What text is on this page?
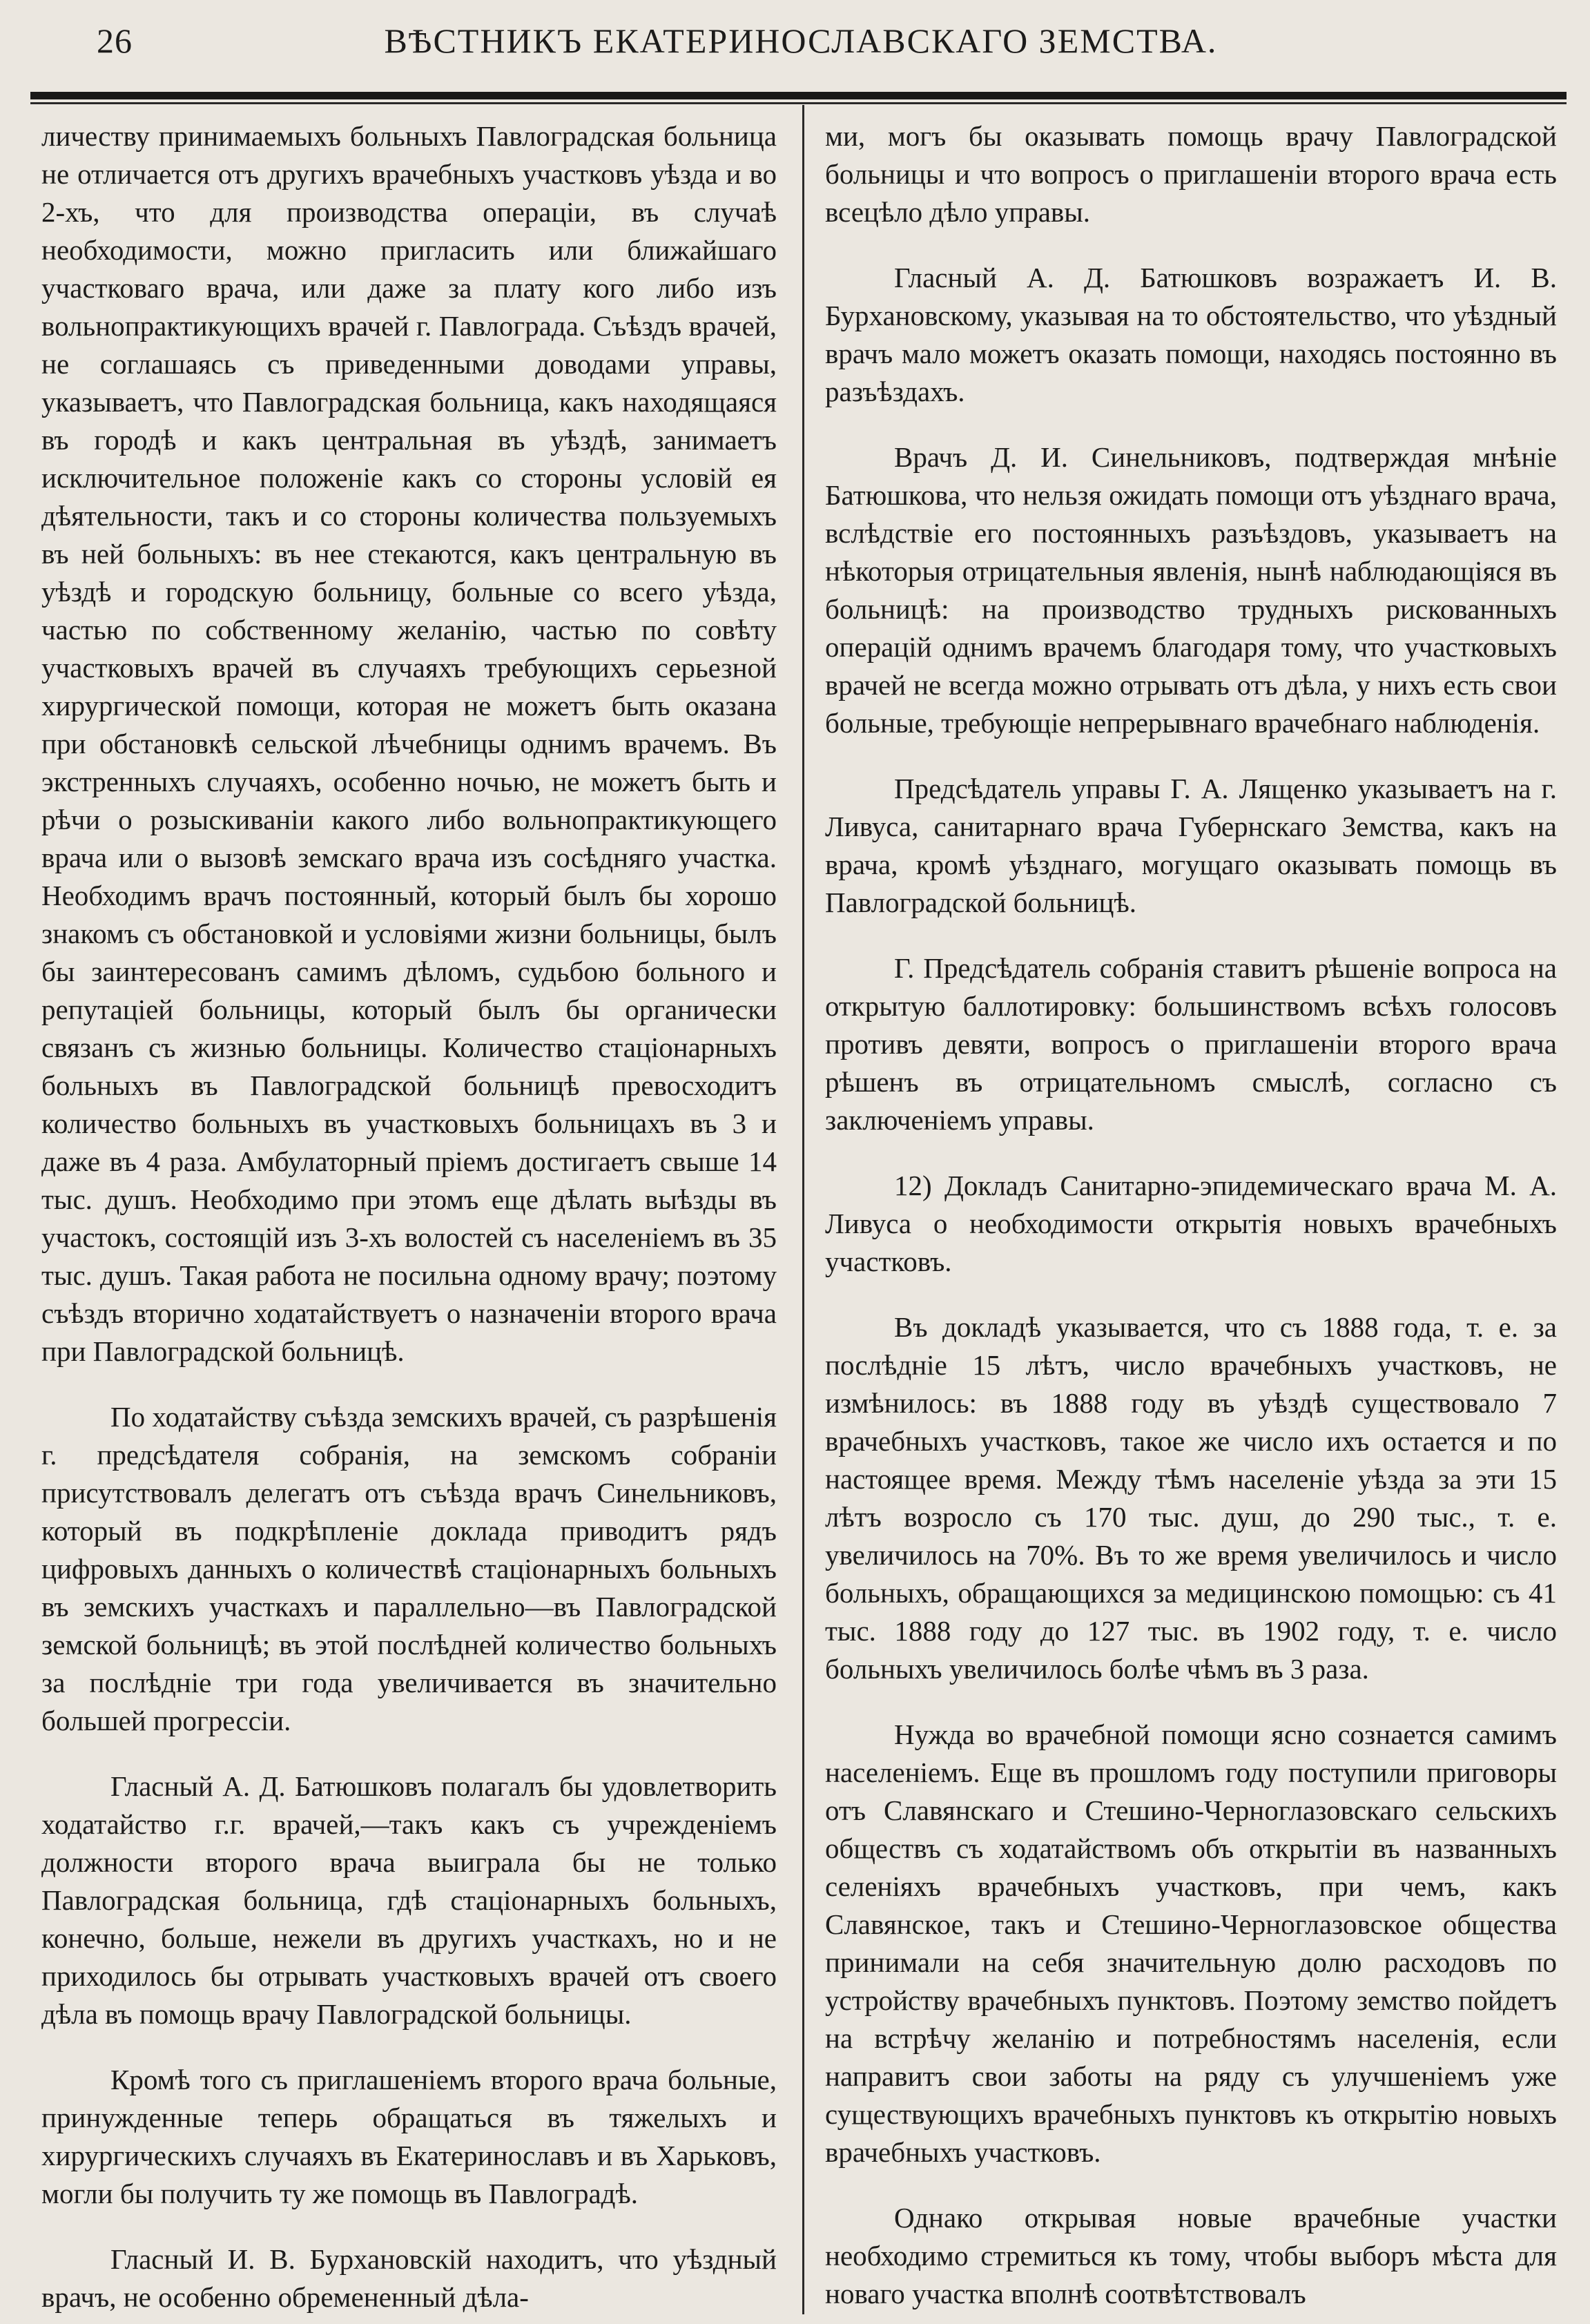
26	ВѢСТНИКЪ ЕКАТЕРИНОСЛАВСКАГО ЗЕМСТВА.

личеству принимаемыхъ больныхъ Павлоградская больница не отличается отъ другихъ врачебныхъ участковъ уѣзда и во 2-хъ, что для производства операціи, въ случаѣ необходимости, можно пригласить или ближайшаго участковаго врача, или даже за плату кого либо изъ вольнопрактикующихъ врачей г. Павлограда. Съѣздъ врачей, не соглашаясь съ приведенными доводами управы, указываетъ, что Павлоградская больница, какъ находящаяся въ городѣ и какъ центральная въ уѣздѣ, занимаетъ исключительное положеніе какъ со стороны условій ея дѣятельности, такъ и со стороны количества пользуемыхъ въ ней больныхъ: въ нее стекаются, какъ центральную въ уѣздѣ и городскую больницу, больные со всего уѣзда, частью по собственному желанію, частью по совѣту участковыхъ врачей въ случаяхъ требующихъ серьезной хирургической помощи, которая не можетъ быть оказана при обстановкѣ сельской лѣчебницы однимъ врачемъ. Въ экстренныхъ случаяхъ, особенно ночью, не можетъ быть и рѣчи о розыскиваніи какого либо вольнопрактикующего врача или о вызовѣ земскаго врача изъ сосѣдняго участка. Необходимъ врачъ постоянный, который былъ бы хорошо знакомъ съ обстановкой и условіями жизни больницы, былъ бы заинтересованъ самимъ дѣломъ, судьбою больного и репутаціей больницы, который былъ бы органически связанъ съ жизнью больницы. Количество стаціонарныхъ больныхъ въ Павлоградской больницѣ превосходитъ количество больныхъ въ участковыхъ больницахъ въ 3 и даже въ 4 раза. Амбулаторный пріемъ достигаетъ свыше 14 тыс. душъ. Необходимо при этомъ еще дѣлать выѣзды въ участокъ, состоящій изъ 3-хъ волостей съ населеніемъ въ 35 тыс. душъ. Такая работа не посильна одному врачу; поэтому съѣздъ вторично ходатайствуетъ о назначеніи второго врача при Павлоградской больницѣ.

По ходатайству съѣзда земскихъ врачей, съ разрѣшенія г. предсѣдателя собранія, на земскомъ собраніи присутствовалъ делегатъ отъ съѣзда врачъ Синельниковъ, который въ подкрѣпленіе доклада приводитъ рядъ цифровыхъ данныхъ о количествѣ стаціонарныхъ больныхъ въ земскихъ участкахъ и параллельно—въ Павлоградской земской больницѣ; въ этой послѣдней количество больныхъ за послѣдніе три года увеличивается въ значительно большей прогрессіи.

Гласный А. Д. Батюшковъ полагалъ бы удовлетворить ходатайство г.г. врачей,—такъ какъ съ учрежденіемъ должности второго врача выиграла бы не только Павлоградская больница, гдѣ стаціонарныхъ больныхъ, конечно, больше, нежели въ другихъ участкахъ, но и не приходилось бы отрывать участковыхъ врачей отъ своего дѣла въ помощь врачу Павлоградской больницы.

Кромѣ того съ приглашеніемъ второго врача больные, принужденные теперь обращаться въ тяжелыхъ и хирургическихъ случаяхъ въ Екатеринославъ и въ Харьковъ, могли бы получить ту же помощь въ Павлоградѣ.

Гласный И. В. Бурхановскій находитъ, что уѣздный врачъ, не особенно обремененный дѣла-

ми, могъ бы оказывать помощь врачу Павлоградской больницы и что вопросъ о приглашеніи второго врача есть всецѣло дѣло управы.

Гласный А. Д. Батюшковъ возражаетъ И. В. Бурхановскому, указывая на то обстоятельство, что уѣздный врачъ мало можетъ оказать помощи, находясь постоянно въ разъѣздахъ.

Врачъ Д. И. Синельниковъ, подтверждая мнѣніе Батюшкова, что нельзя ожидать помощи отъ уѣзднаго врача, вслѣдствіе его постоянныхъ разъѣздовъ, указываетъ на нѣкоторыя отрицательныя явленія, нынѣ наблюдающіяся въ больницѣ: на производство трудныхъ рискованныхъ операцій однимъ врачемъ благодаря тому, что участковыхъ врачей не всегда можно отрывать отъ дѣла, у нихъ есть свои больные, требующіе непрерывнаго врачебнаго наблюденія.

Предсѣдатель управы Г. А. Лященко указываетъ на г. Ливуса, санитарнаго врача Губернскаго Земства, какъ на врача, кромѣ уѣзднаго, могущаго оказывать помощь въ Павлоградской больницѣ.

Г. Предсѣдатель собранія ставитъ рѣшеніе вопроса на открытую баллотировку: большинствомъ всѣхъ голосовъ противъ девяти, вопросъ о приглашеніи второго врача рѣшенъ въ отрицательномъ смыслѣ, согласно съ заключеніемъ управы.

12) Докладъ Санитарно-эпидемическаго врача М. А. Ливуса о необходимости открытія новыхъ врачебныхъ участковъ.

Въ докладѣ указывается, что съ 1888 года, т. е. за послѣдніе 15 лѣтъ, число врачебныхъ участковъ, не измѣнилось: въ 1888 году въ уѣздѣ существовало 7 врачебныхъ участковъ, такое же число ихъ остается и по настоящее время. Между тѣмъ населеніе уѣзда за эти 15 лѣтъ возросло съ 170 тыс. душ, до 290 тыс., т. е. увеличилось на 70%. Въ то же время увеличилось и число больныхъ, обращающихся за медицинскою помощью: съ 41 тыс. 1888 году до 127 тыс. въ 1902 году, т. е. число больныхъ увеличилось болѣе чѣмъ въ 3 раза.

Нужда во врачебной помощи ясно сознается самимъ населеніемъ. Еще въ прошломъ году поступили приговоры отъ Славянскаго и Стешино-Черноглазовскаго сельскихъ обществъ съ ходатайствомъ объ открытіи въ названныхъ селеніяхъ врачебныхъ участковъ, при чемъ, какъ Славянское, такъ и Стешино-Черноглазовское общества принимали на себя значительную долю расходовъ по устройству врачебныхъ пунктовъ. Поэтому земство пойдетъ на встрѣчу желанію и потребностямъ населенія, если направитъ свои заботы на ряду съ улучшеніемъ уже существующихъ врачебныхъ пунктовъ къ открытію новыхъ врачебныхъ участковъ.

Однако открывая новые врачебные участки необходимо стремиться къ тому, чтобы выборъ мѣста для новаго участка вполнѣ соотвѣтствовалъ
